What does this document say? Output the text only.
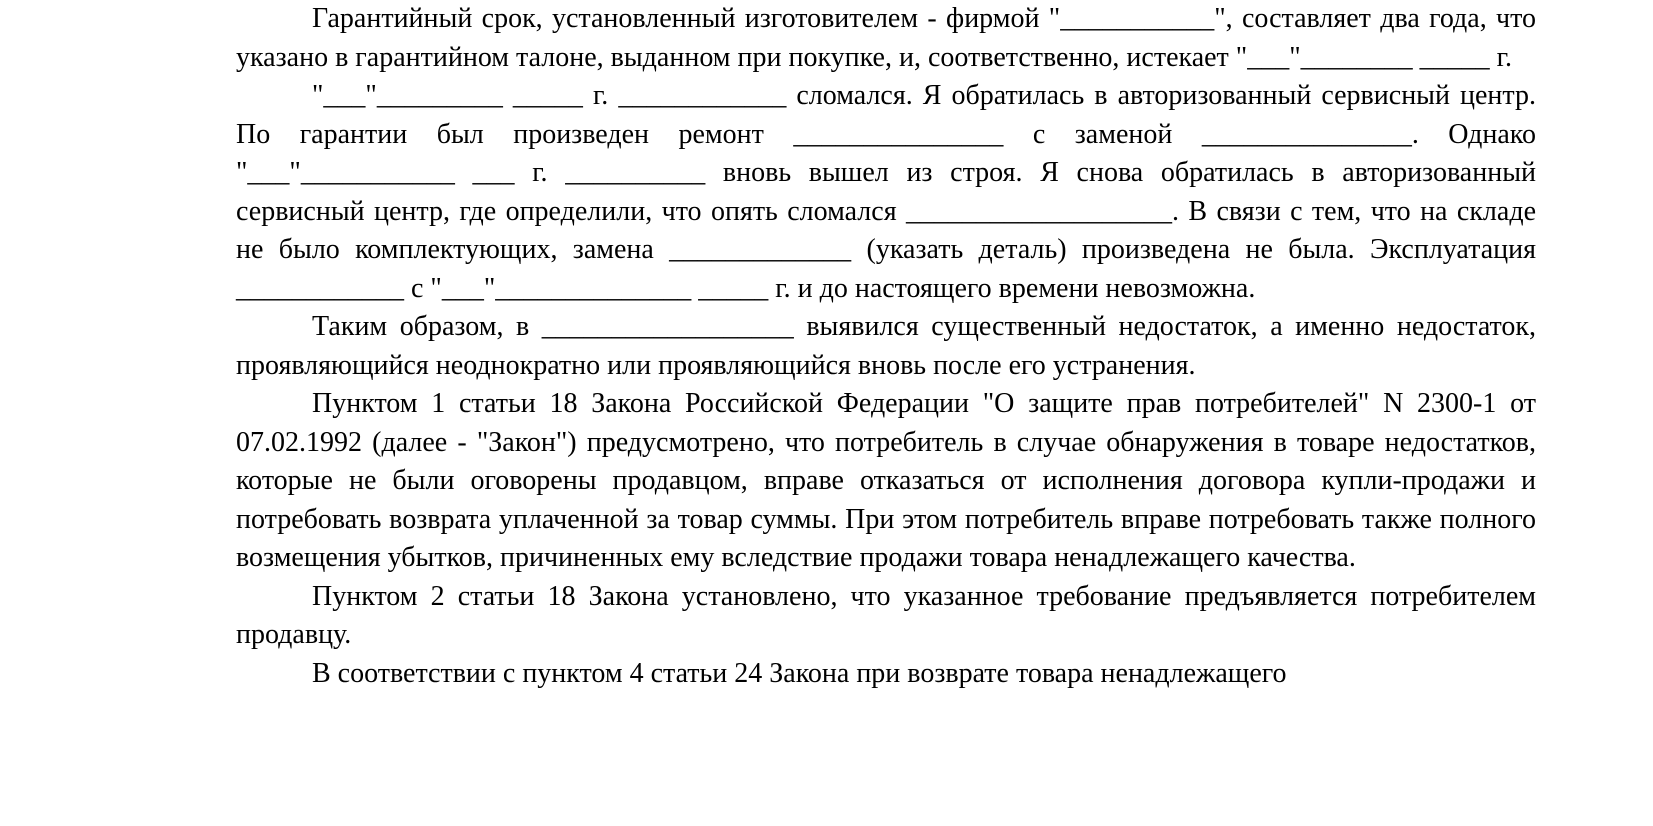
Гарантийный срок, установленный изготовителем - фирмой "___________", составляет два года, что указано в гарантийном талоне, выданном при покупке, и, соответственно, истекает "___"________ _____ г.

"___"_________ _____ г. ____________ сломался. Я обратилась в авторизованный сервисный центр. По гарантии был произведен ремонт _______________ с заменой _______________. Однако "___"___________ ___ г. __________ вновь вышел из строя. Я снова обратилась в авторизованный сервисный центр, где определили, что опять сломался ___________________. В связи с тем, что на складе не было комплектующих, замена _____________ (указать деталь) произведена не была. Эксплуатация ____________ с "___"______________ _____ г. и до настоящего времени невозможна.

Таким образом, в __________________ выявился существенный недостаток, а именно недостаток, проявляющийся неоднократно или проявляющийся вновь после его устранения.

Пунктом 1 статьи 18 Закона Российской Федерации "О защите прав потребителей" N 2300-1 от 07.02.1992 (далее - "Закон") предусмотрено, что потребитель в случае обнаружения в товаре недостатков, которые не были оговорены продавцом, вправе отказаться от исполнения договора купли-продажи и потребовать возврата уплаченной за товар суммы. При этом потребитель вправе потребовать также полного возмещения убытков, причиненных ему вследствие продажи товара ненадлежащего качества.

Пунктом 2 статьи 18 Закона установлено, что указанное требование предъявляется потребителем продавцу.

В соответствии с пунктом 4 статьи 24 Закона при возврате товара ненадлежащего
